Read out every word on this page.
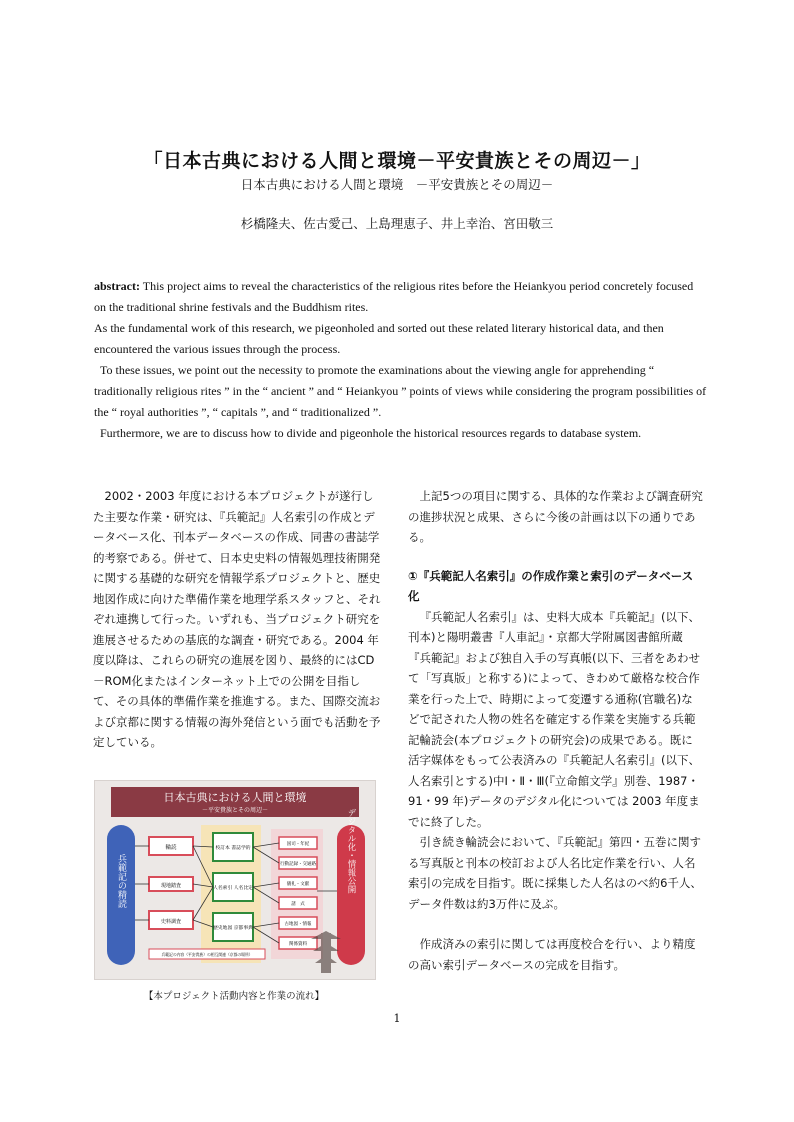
「日本古典における人間と環境－平安貴族とその周辺－」
日本古典における人間と環境　－平安貴族とその周辺－
杉橋隆夫、佐古愛己、上島理恵子、井上幸治、宮田敬三

abstract: This project aims to reveal the characteristics of the religious rites before the Heiankyou period concretely focused on the traditional shrine festivals and the Buddhism rites.

As the fundamental work of this research, we pigeonholed and sorted out these related literary historical data, and then encountered the various issues through the process.

To these issues, we point out the necessity to promote the examinations about the viewing angle for apprehending “ traditionally religious rites ” in the “ ancient ” and “ Heiankyou ” points of views while considering the program possibilities of the “ royal authorities ”, “ capitals ”, and “ traditionalized ”.

Furthermore, we are to discuss how to divide and pigeonhole the historical resources regards to database system.

2002・2003 年度における本プロジェクトが遂行した主要な作業・研究は、『兵範記』人名索引の作成とデータベース化、刊本データベースの作成、同書の書誌学的考察である。併せて、日本史史料の情報処理技術開発に関する基礎的な研究を情報学系プロジェクトと、歴史地図作成に向けた準備作業を地理学系スタッフと、それぞれ連携して行った。いずれも、当プロジェクト研究を進展させるための基底的な調査・研究である。2004 年度以降は、これらの研究の進展を図り、最終的にはCD－ROM化またはインターネット上での公開を目指して、その具体的準備作業を推進する。また、国際交流および京都に関する情報の海外発信という面でも活動を予定している。

日本古典における人間と環境
－平安貴族とその周辺－
兵範記の精読	デジタル化・情報公開
輪読
現地踏査
史料調査
校訂本 書誌学的
人名索引 人名比定
歴史地図 京都事典
国司・年紀
行動記録・交通路
儀礼・文献
諸　式
古地図・情報
関係資料
兵範記の内容（平安貴族）の相互関連（京都の場所）
【本プロジェクト活動内容と作業の流れ】

上記5つの項目に関する、具体的な作業および調査研究の進捗状況と成果、さらに今後の計画は以下の通りである。

①『兵範記人名索引』の作成作業と索引のデータベース化

『兵範記人名索引』は、史料大成本『兵範記』(以下、刊本)と陽明叢書『人車記』・京都大学附属図書館所蔵『兵範記』および独自入手の写真帳(以下、三者をあわせて「写真版」と称する)によって、きわめて厳格な校合作業を行った上で、時期によって変遷する通称(官職名)などで記された人物の姓名を確定する作業を実施する兵範記輪読会(本プロジェクトの研究会)の成果である。既に活字媒体をもって公表済みの『兵範記人名索引』(以下、人名索引とする)中Ⅰ・Ⅱ・Ⅲ(『立命館文学』別巻、1987・91・99 年)データのデジタル化については 2003 年度までに終了した。

引き続き輪読会において、『兵範記』第四・五巻に関する写真版と刊本の校訂および人名比定作業を行い、人名索引の完成を目指す。既に採集した人名はのべ約6千人、データ件数は約3万件に及ぶ。

作成済みの索引に関しては再度校合を行い、より精度の高い索引データベースの完成を目指す。

1
